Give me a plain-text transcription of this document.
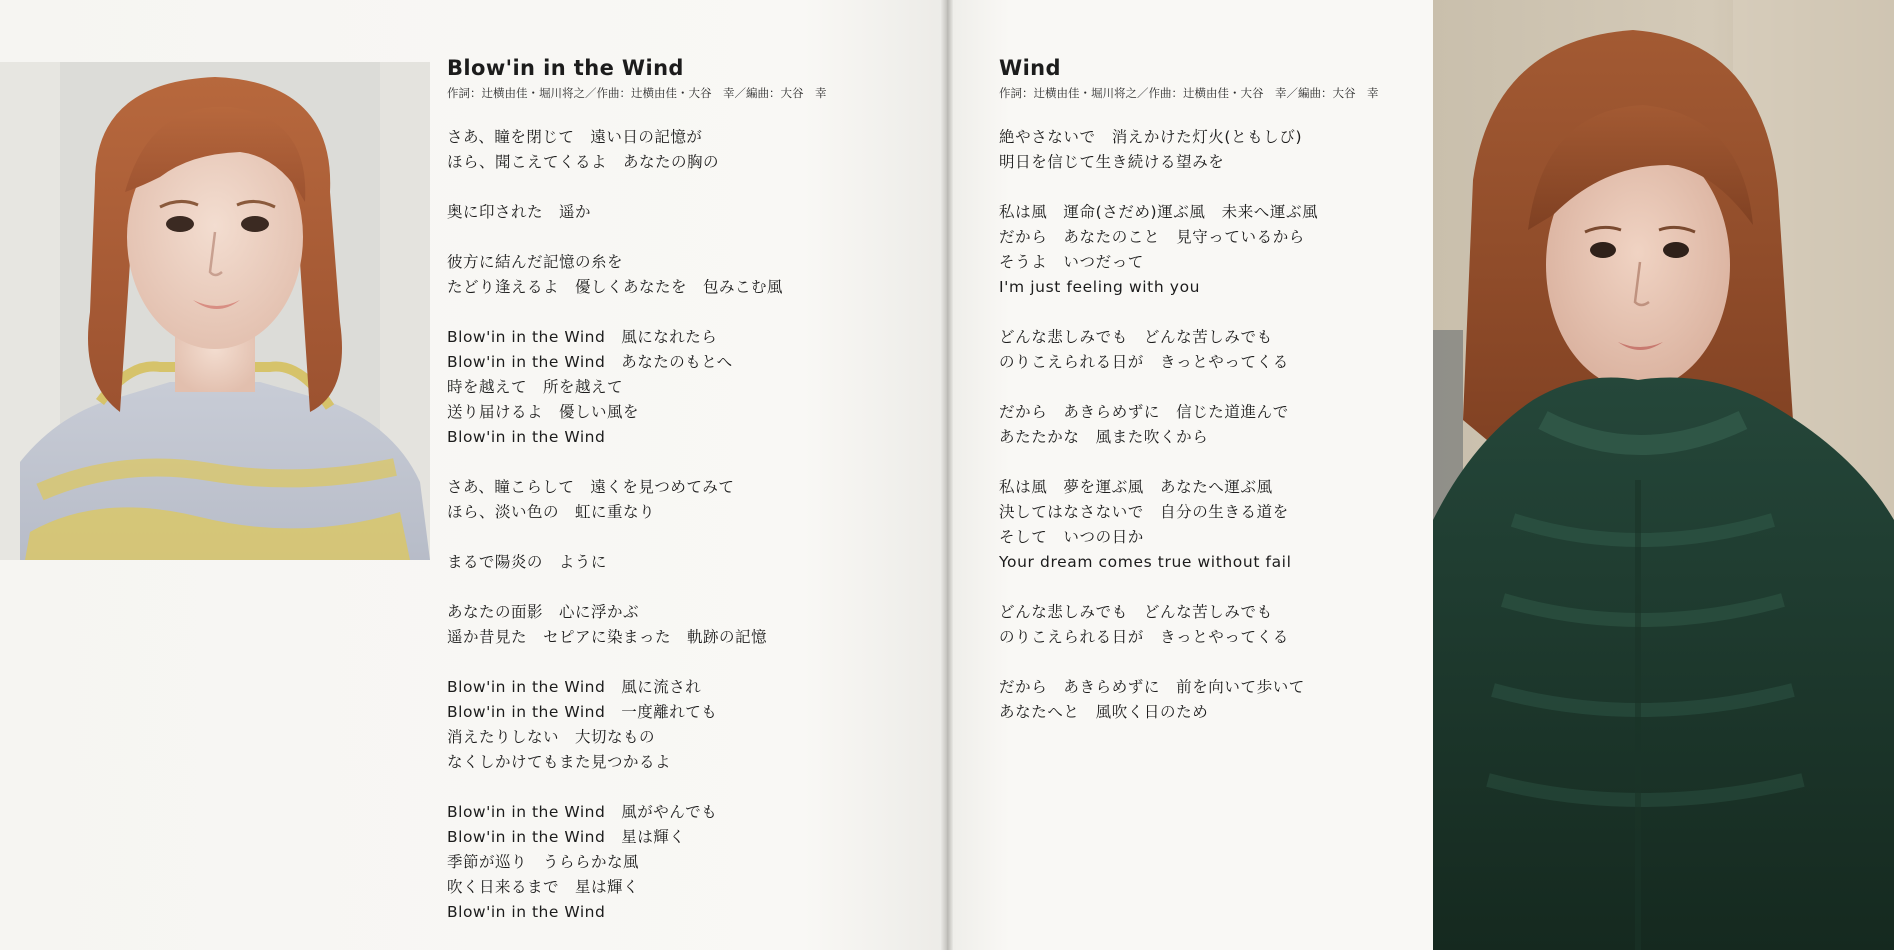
Blow'in in the Wind
作詞：辻横由佳・堀川将之／作曲：辻横由佳・大谷　幸／編曲：大谷　幸
さあ、瞳を閉じて　遠い日の記憶が
ほら、聞こえてくるよ　あなたの胸の
奥に印された　遥か
彼方に結んだ記憶の糸を
たどり逢えるよ　優しくあなたを　包みこむ風
Blow'in in the Wind　風になれたら
Blow'in in the Wind　あなたのもとへ
時を越えて　所を越えて
送り届けるよ　優しい風を
Blow'in in the Wind
さあ、瞳こらして　遠くを見つめてみて
ほら、淡い色の　虹に重なり
まるで陽炎の　ように
あなたの面影　心に浮かぶ
遥か昔見た　セピアに染まった　軌跡の記憶
Blow'in in the Wind　風に流され
Blow'in in the Wind　一度離れても
消えたりしない　大切なもの
なくしかけてもまた見つかるよ
Blow'in in the Wind　風がやんでも
Blow'in in the Wind　星は輝く
季節が巡り　うららかな風
吹く日来るまで　星は輝く
Blow'in in the Wind
Wind
作詞：辻横由佳・堀川将之／作曲：辻横由佳・大谷　幸／編曲：大谷　幸
絶やさないで　消えかけた灯火(ともしび)
明日を信じて生き続ける望みを
私は風　運命(さだめ)運ぶ風　未来へ運ぶ風
だから　あなたのこと　見守っているから
そうよ　いつだって
I'm just feeling with you
どんな悲しみでも　どんな苦しみでも
のりこえられる日が　きっとやってくる
だから　あきらめずに　信じた道進んで
あたたかな　風また吹くから
私は風　夢を運ぶ風　あなたへ運ぶ風
決してはなさないで　自分の生きる道を
そして　いつの日か
Your dream comes true without fail
どんな悲しみでも　どんな苦しみでも
のりこえられる日が　きっとやってくる
だから　あきらめずに　前を向いて歩いて
あなたへと　風吹く日のため
